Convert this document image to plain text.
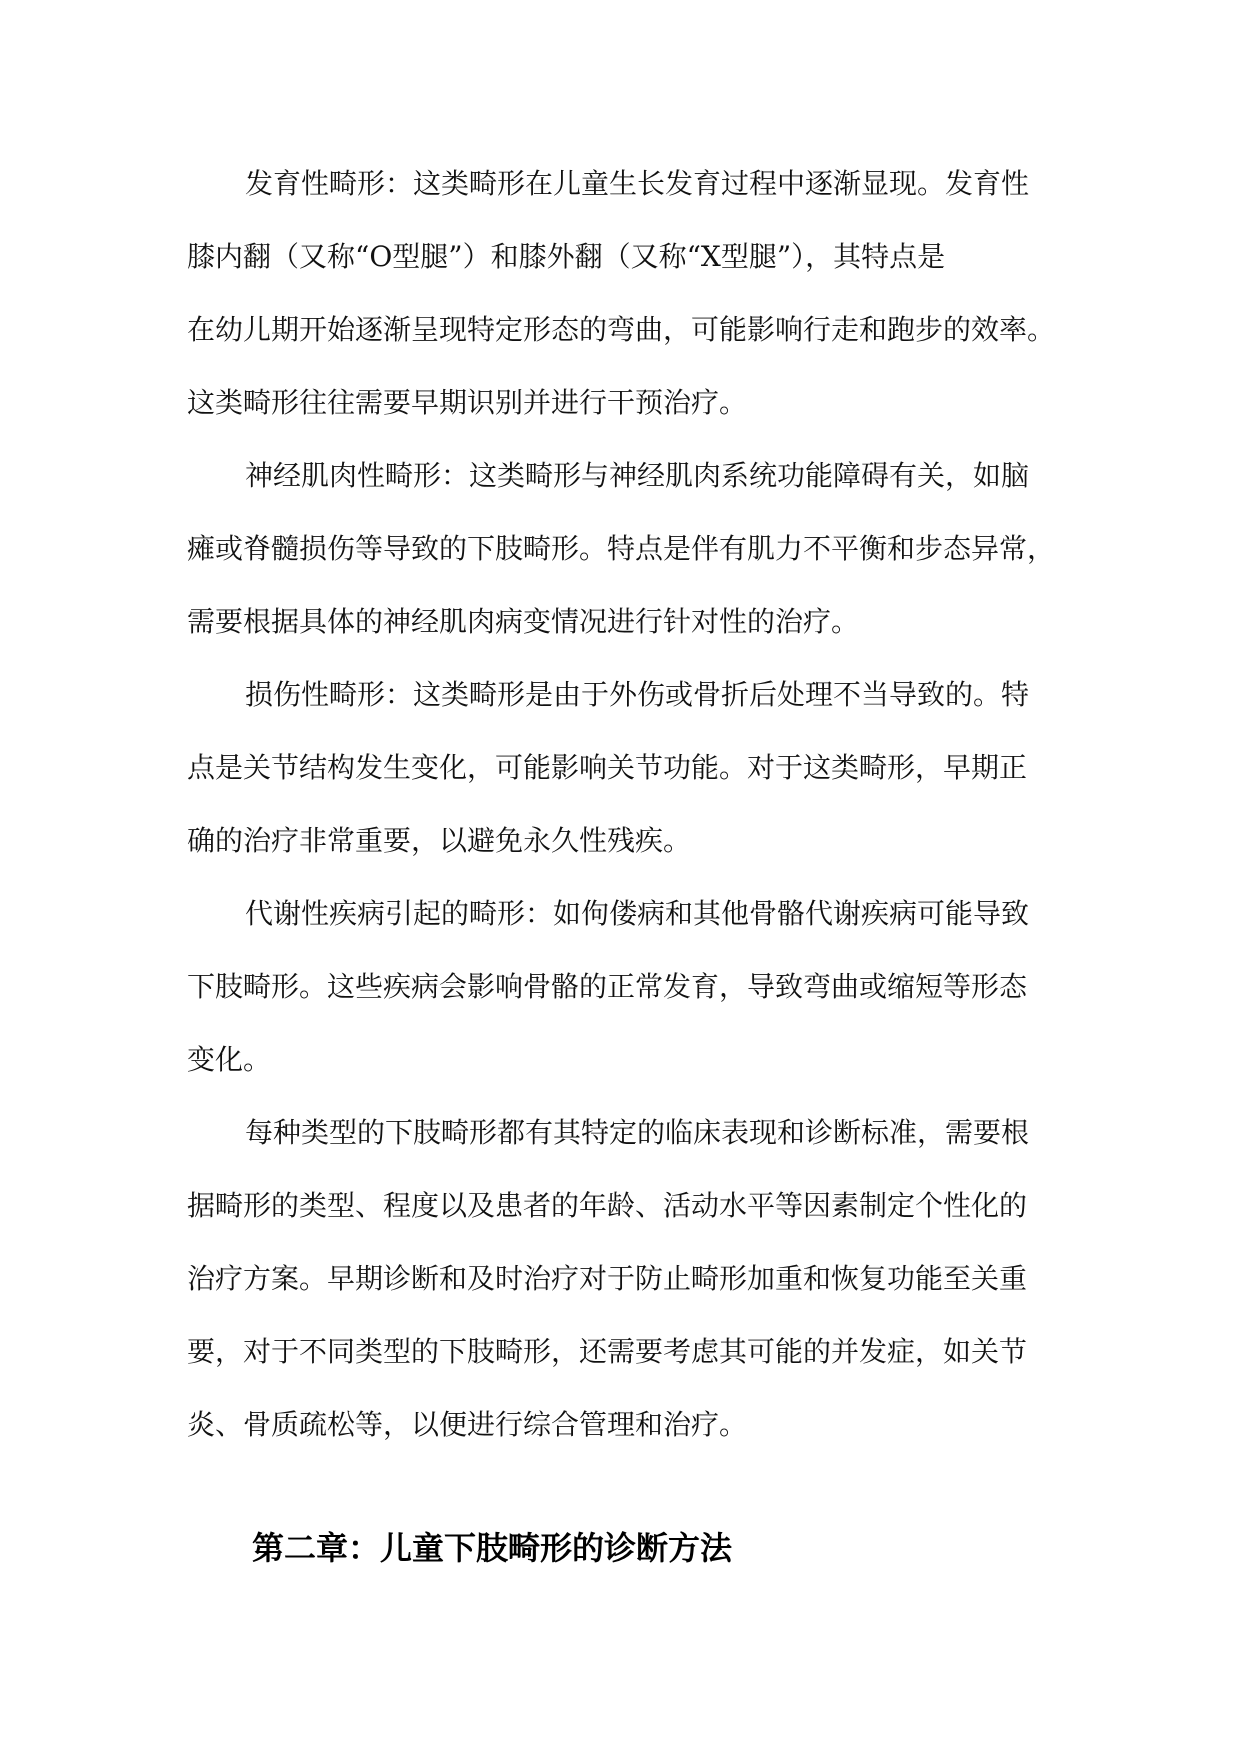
发育性畸形：这类畸形在儿童生长发育过程中逐渐显现。发育性
膝内翻（又称“O型腿”）和膝外翻（又称“X型腿”），其特点是
在幼儿期开始逐渐呈现特定形态的弯曲，可能影响行走和跑步的效率。
这类畸形往往需要早期识别并进行干预治疗。
神经肌肉性畸形：这类畸形与神经肌肉系统功能障碍有关，如脑
瘫或脊髓损伤等导致的下肢畸形。特点是伴有肌力不平衡和步态异常，
需要根据具体的神经肌肉病变情况进行针对性的治疗。
损伤性畸形：这类畸形是由于外伤或骨折后处理不当导致的。特
点是关节结构发生变化，可能影响关节功能。对于这类畸形，早期正
确的治疗非常重要，以避免永久性残疾。
代谢性疾病引起的畸形：如佝偻病和其他骨骼代谢疾病可能导致
下肢畸形。这些疾病会影响骨骼的正常发育，导致弯曲或缩短等形态
变化。
每种类型的下肢畸形都有其特定的临床表现和诊断标准，需要根
据畸形的类型、程度以及患者的年龄、活动水平等因素制定个性化的
治疗方案。早期诊断和及时治疗对于防止畸形加重和恢复功能至关重
要，对于不同类型的下肢畸形，还需要考虑其可能的并发症，如关节
炎、骨质疏松等，以便进行综合管理和治疗。
第二章：儿童下肢畸形的诊断方法
